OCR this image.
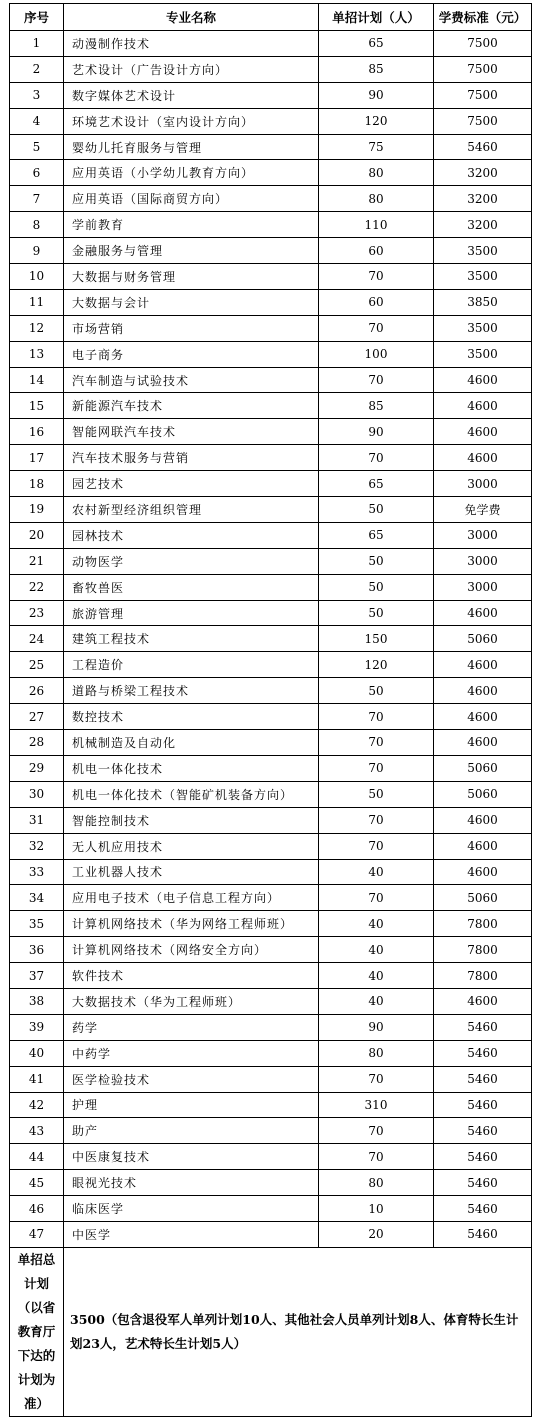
序号	专业名称	单招计划（人）	学费标准（元）
1	动漫制作技术	65	7500
2	艺术设计（广告设计方向）	85	7500
3	数字媒体艺术设计	90	7500
4	环境艺术设计（室内设计方向）	120	7500
5	婴幼儿托育服务与管理	75	5460
6	应用英语（小学幼儿教育方向）	80	3200
7	应用英语（国际商贸方向）	80	3200
8	学前教育	110	3200
9	金融服务与管理	60	3500
10	大数据与财务管理	70	3500
11	大数据与会计	60	3850
12	市场营销	70	3500
13	电子商务	100	3500
14	汽车制造与试验技术	70	4600
15	新能源汽车技术	85	4600
16	智能网联汽车技术	90	4600
17	汽车技术服务与营销	70	4600
18	园艺技术	65	3000
19	农村新型经济组织管理	50	免学费
20	园林技术	65	3000
21	动物医学	50	3000
22	畜牧兽医	50	3000
23	旅游管理	50	4600
24	建筑工程技术	150	5060
25	工程造价	120	4600
26	道路与桥梁工程技术	50	4600
27	数控技术	70	4600
28	机械制造及自动化	70	4600
29	机电一体化技术	70	5060
30	机电一体化技术（智能矿机装备方向）	50	5060
31	智能控制技术	70	4600
32	无人机应用技术	70	4600
33	工业机器人技术	40	4600
34	应用电子技术（电子信息工程方向）	70	5060
35	计算机网络技术（华为网络工程师班）	40	7800
36	计算机网络技术（网络安全方向）	40	7800
37	软件技术	40	7800
38	大数据技术（华为工程师班）	40	4600
39	药学	90	5460
40	中药学	80	5460
41	医学检验技术	70	5460
42	护理	310	5460
43	助产	70	5460
44	中医康复技术	70	5460
45	眼视光技术	80	5460
46	临床医学	10	5460
47	中医学	20	5460
单招总计划（以省教育厅下达的计划为准）	3500（包含退役军人单列计划10人、其他社会人员单列计划8人、体育特长生计划23人，艺术特长生计划5人）		
